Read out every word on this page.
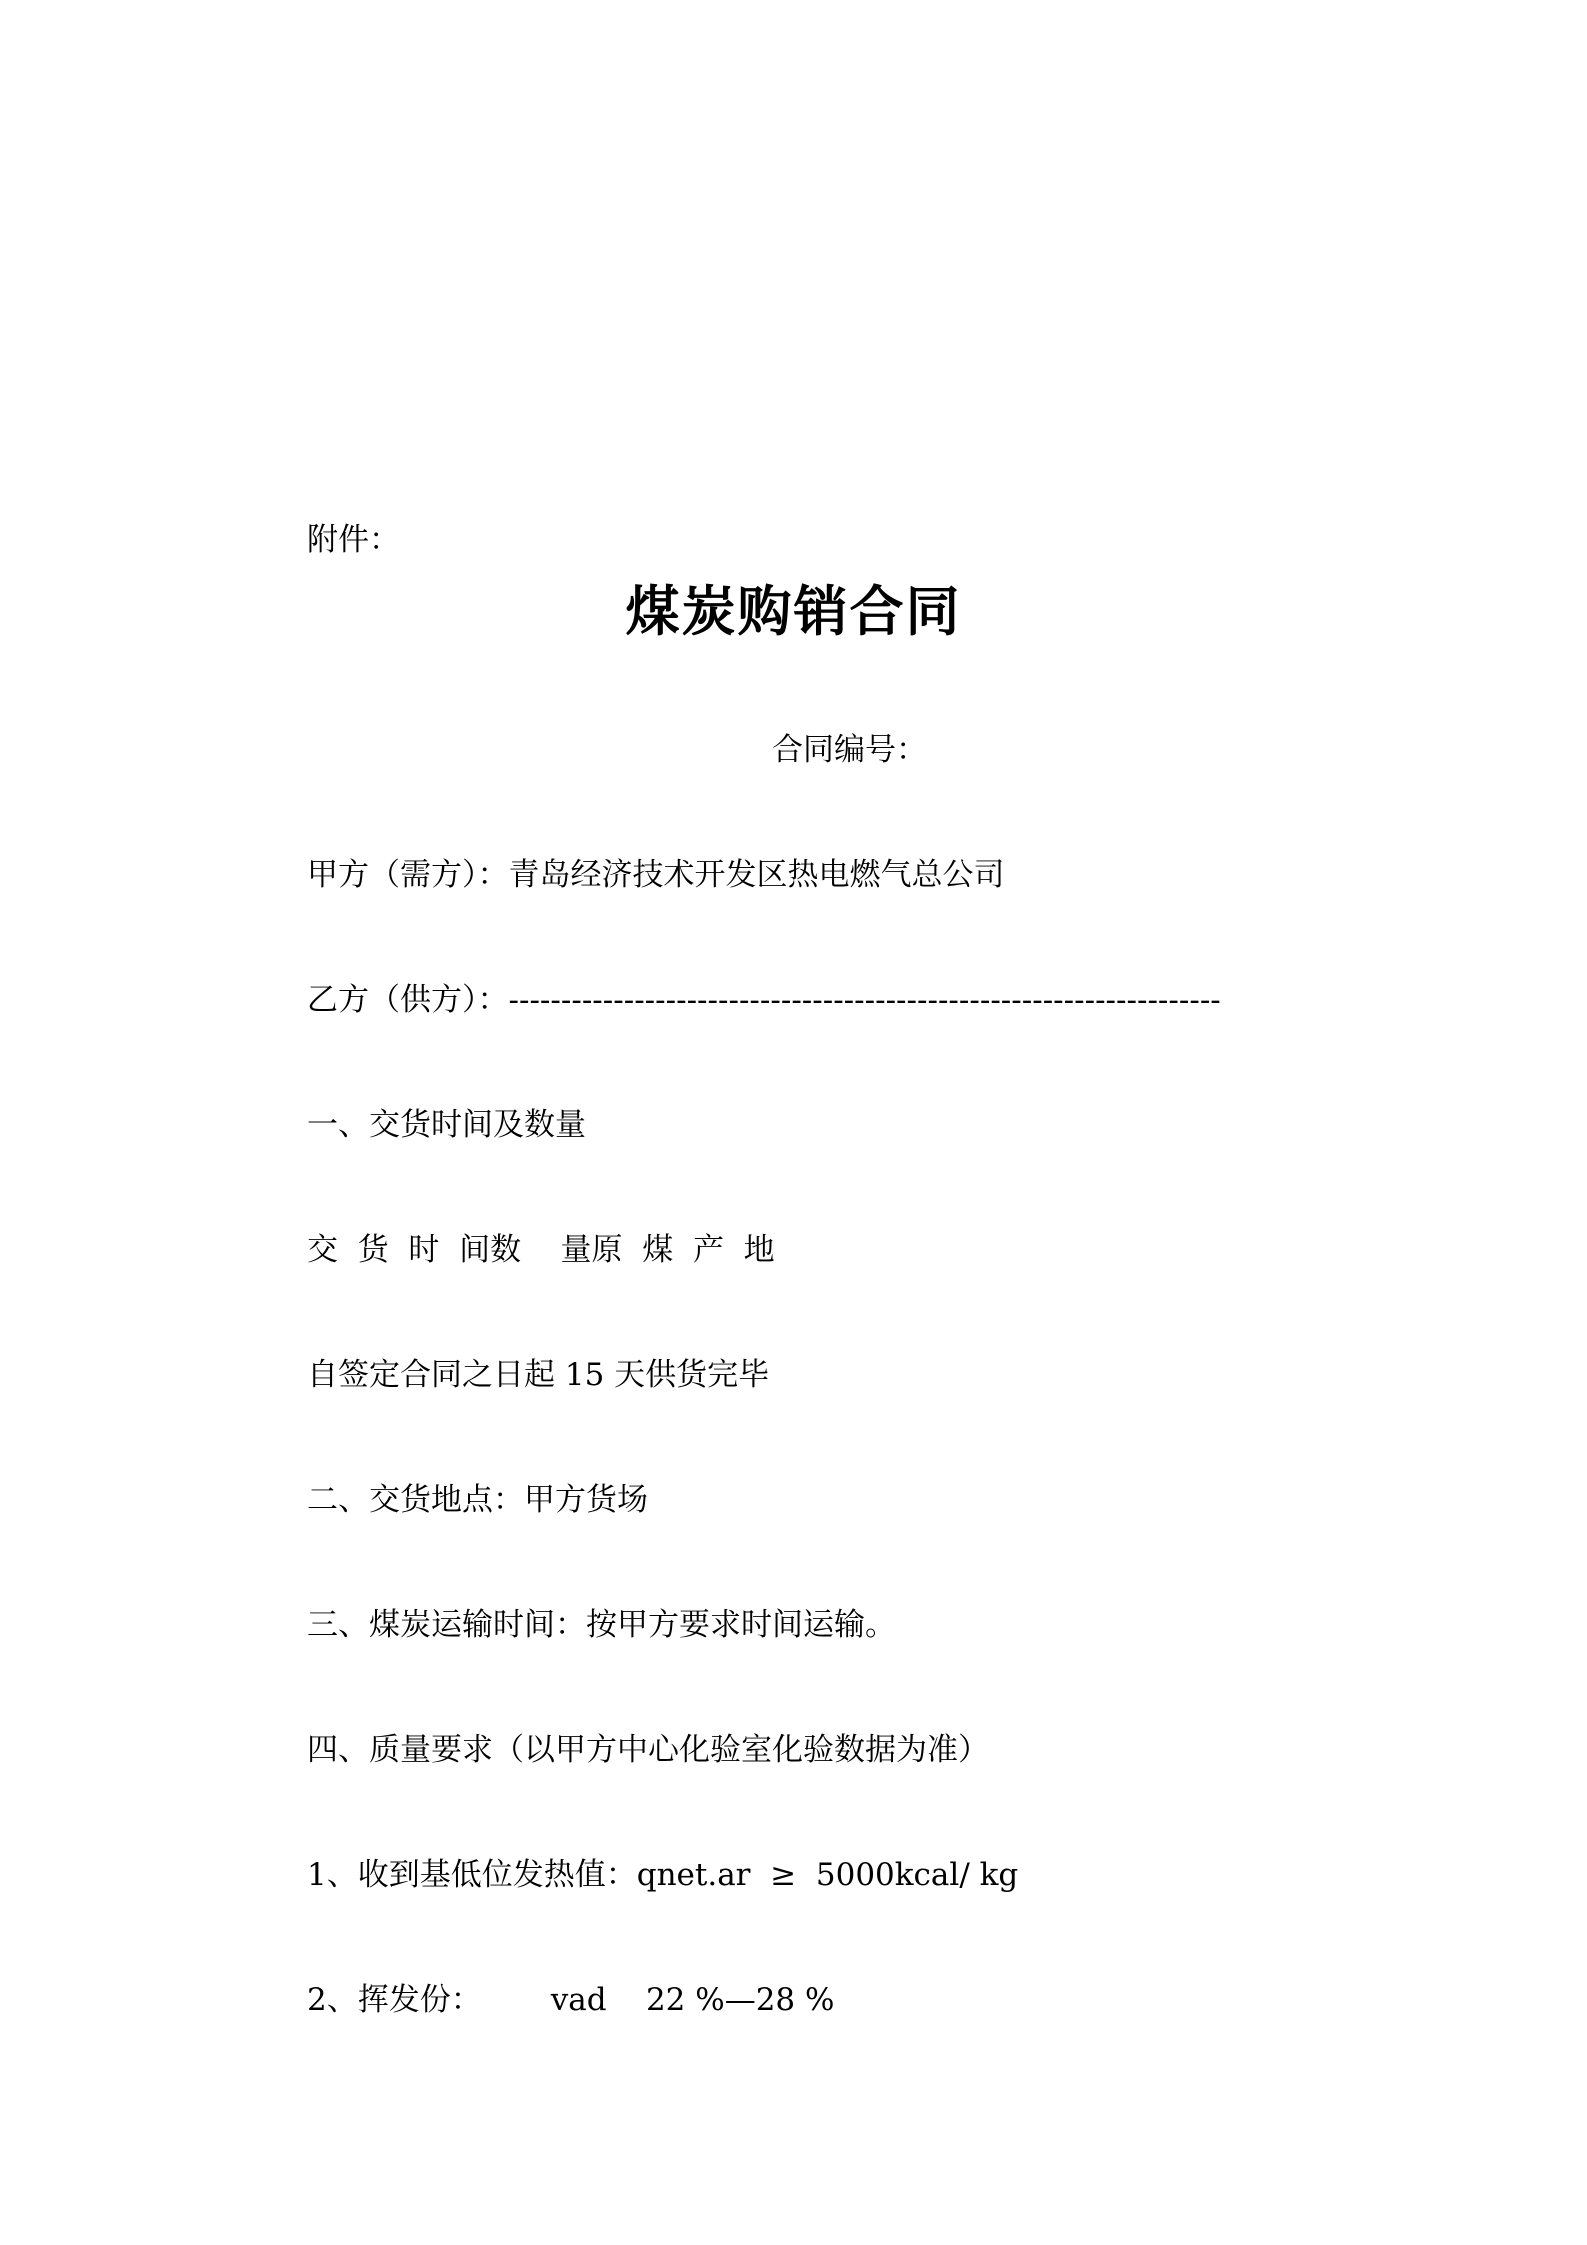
附件：
煤炭购销合同
合同编号：
甲方（需方）：青岛经济技术开发区热电燃气总公司
乙方（供方）：--------------------------------------------------------------------
一、交货时间及数量
交  货  时  间数    量原  煤  产  地
自签定合同之日起 15 天供货完毕
二、交货地点：甲方货场
三、煤炭运输时间：按甲方要求时间运输。
四、质量要求（以甲方中心化验室化验数据为准）
1、收到基低位发热值：qnet.ar  ≥  5000kcal/ kg
2、挥发份：       vad    22 %—28 %
